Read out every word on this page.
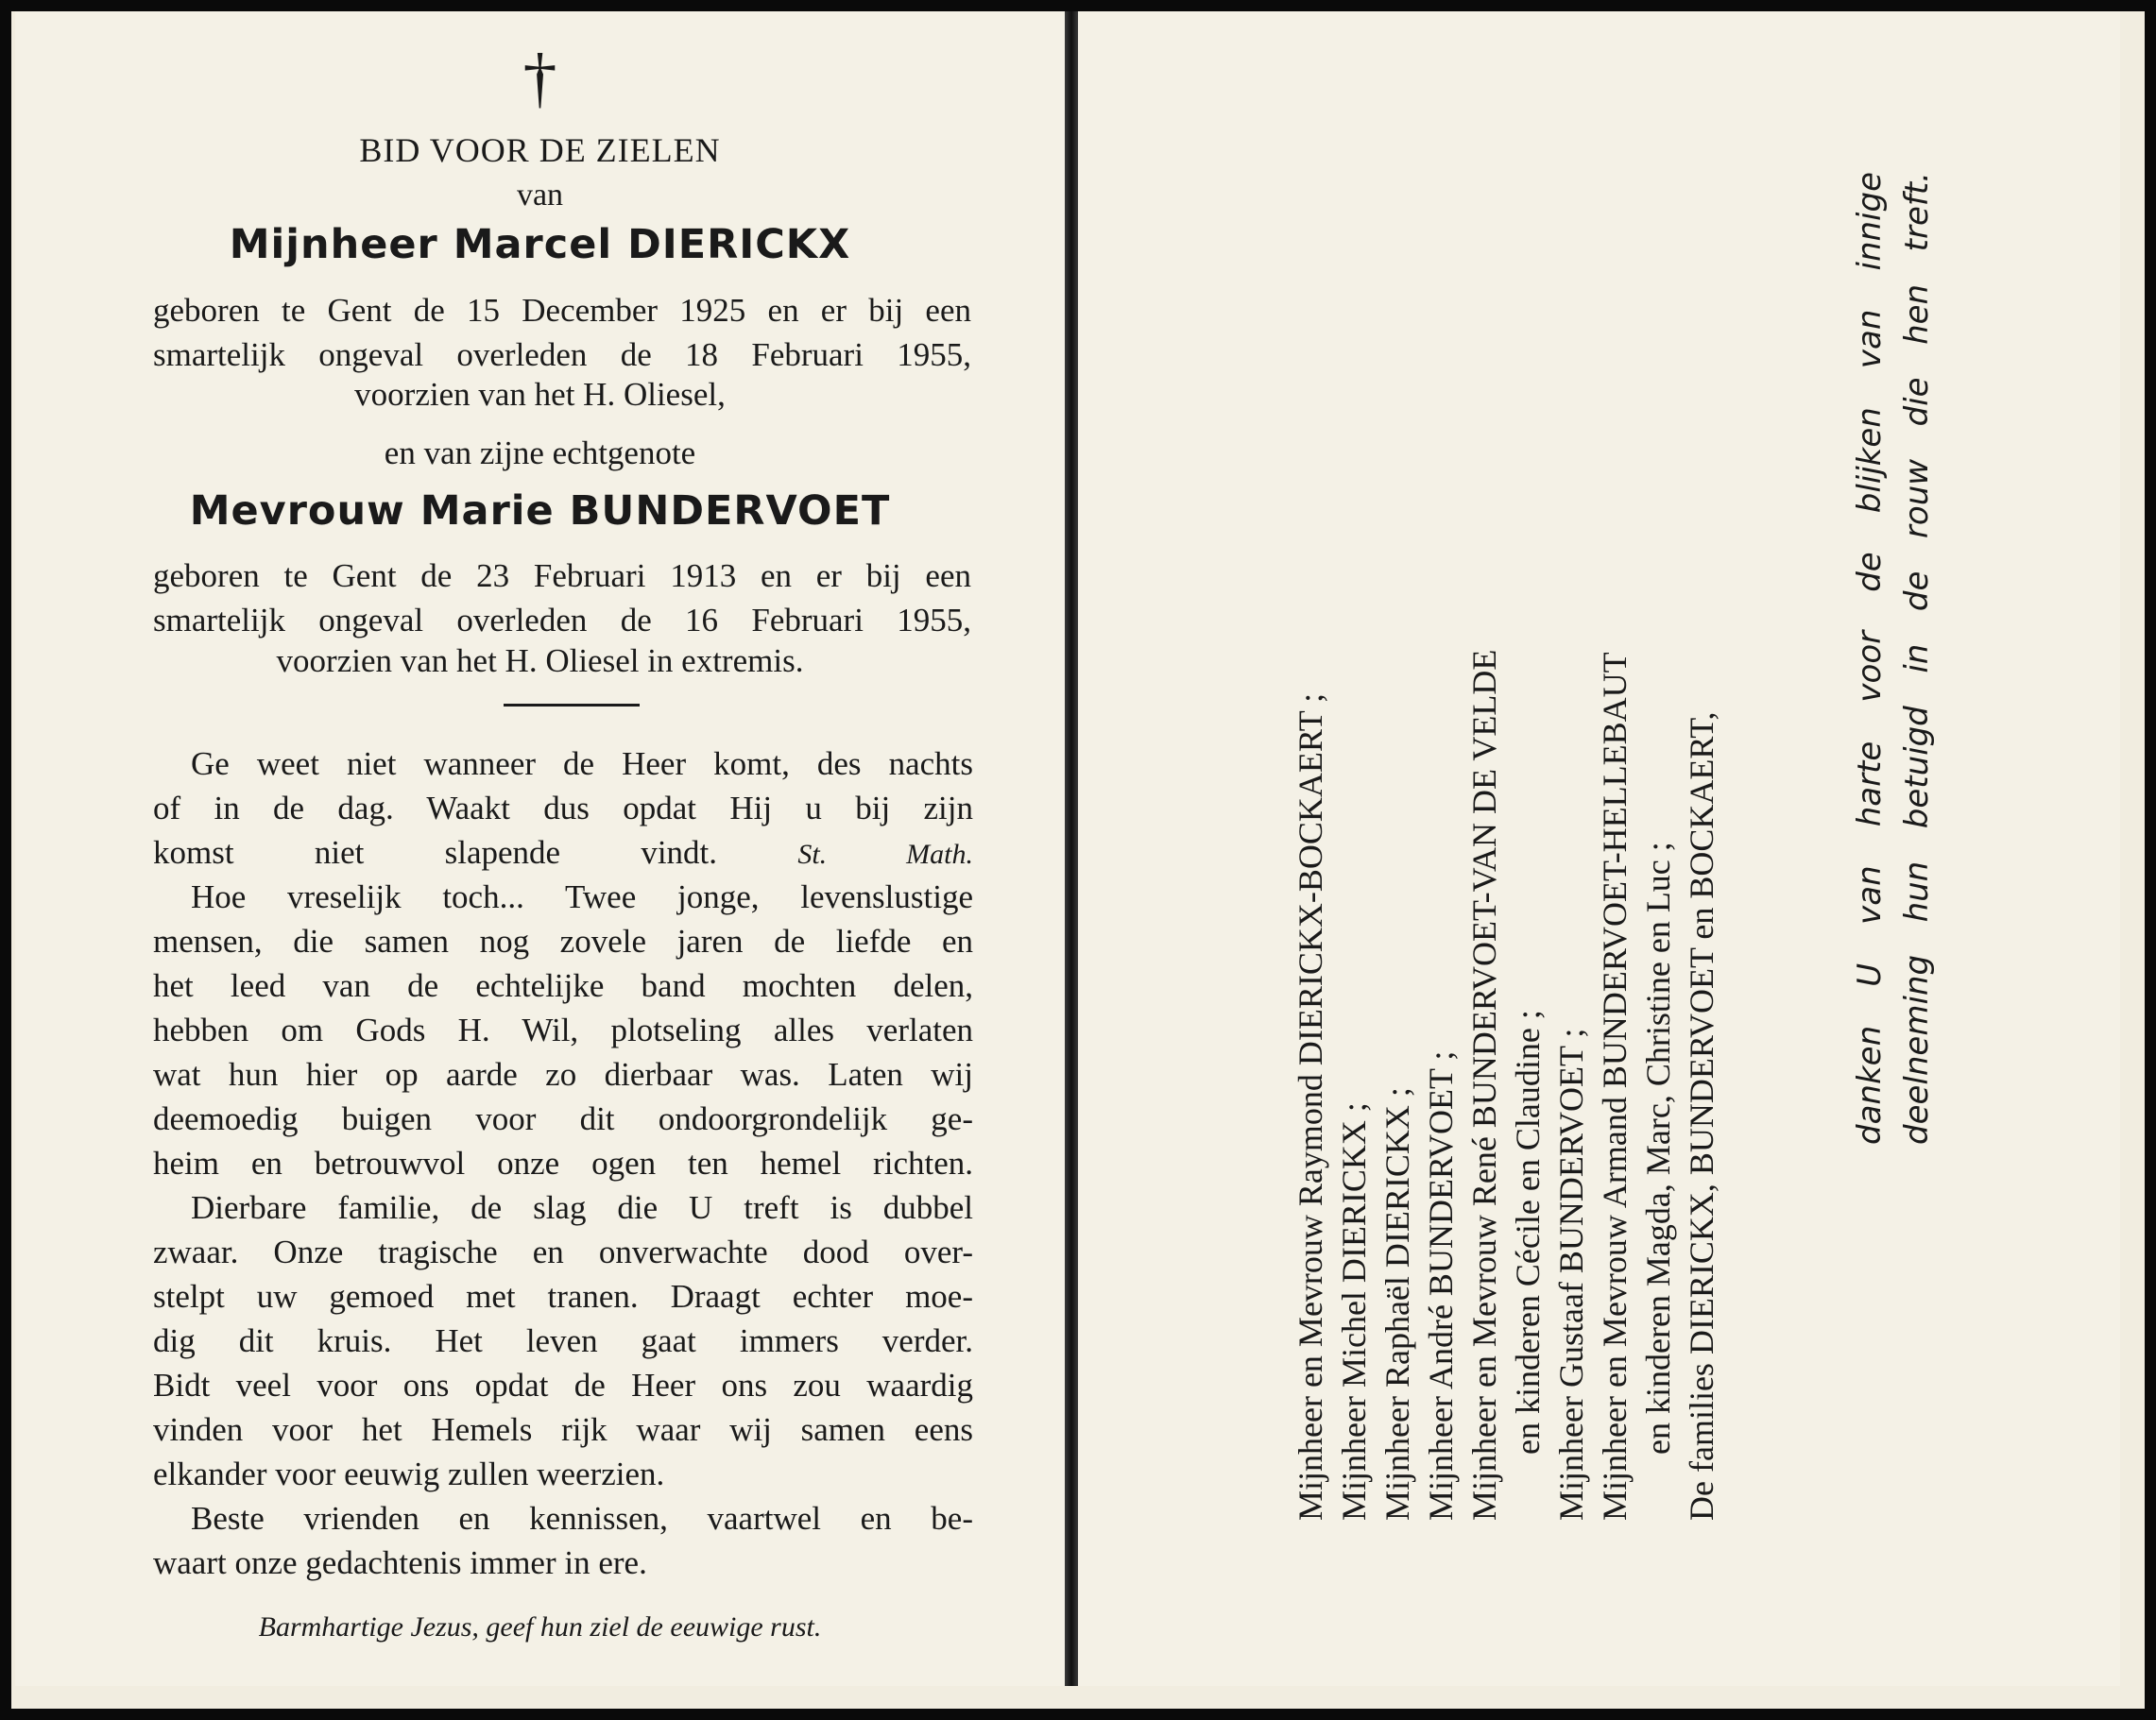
†
BID VOOR DE ZIELEN
van
Mijnheer Marcel DIERICKX
geboren te Gent de 15 December 1925 en er bij een
smartelijk ongeval overleden de 18 Februari 1955,
voorzien van het H. Oliesel,
en van zijne echtgenote
Mevrouw Marie BUNDERVOET
geboren te Gent de 23 Februari 1913 en er bij een
smartelijk ongeval overleden de 16 Februari 1955,
voorzien van het H. Oliesel in extremis.
Ge weet niet wanneer de Heer komt, des nachts
of in de dag. Waakt dus opdat Hij u bij zijn
komst niet slapende vindt.	St. Math.
Hoe vreselijk toch... Twee jonge, levenslustige
mensen, die samen nog zovele jaren de liefde en
het leed van de echtelijke band mochten delen,
hebben om Gods H. Wil, plotseling alles verlaten
wat hun hier op aarde zo dierbaar was. Laten wij
deemoedig buigen voor dit ondoorgrondelijk ge-
heim en betrouwvol onze ogen ten hemel richten.
Dierbare familie, de slag die U treft is dubbel
zwaar. Onze tragische en onverwachte dood over-
stelpt uw gemoed met tranen. Draagt echter moe-
dig dit kruis. Het leven gaat immers verder.
Bidt veel voor ons opdat de Heer ons zou waardig
vinden voor het Hemels rijk waar wij samen eens
elkander voor eeuwig zullen weerzien.
Beste vrienden en kennissen, vaartwel en be-
waart onze gedachtenis immer in ere.
Barmhartige Jezus, geef hun ziel de eeuwige rust.
Mijnheer en Mevrouw Raymond DIERICKX-BOCKAERT ; Mijnheer Michel DIERICKX ; Mijnheer Raphaël DIERICKX ; Mijnheer André BUNDERVOET ; Mijnheer en Mevrouw René BUNDERVOET-VAN DE VELDE en kinderen Cécile en Claudine ; Mijnheer Gustaaf BUNDERVOET ; Mijnheer en Mevrouw Armand BUNDERVOET-HELLEBAUT en kinderen Magda, Marc, Christine en Luc ; De families DIERICKX, BUNDERVOET en BOCKAERT,	danken U van harte voor de blijken van innige deelneming hun betuigd in de rouw die hen treft.
